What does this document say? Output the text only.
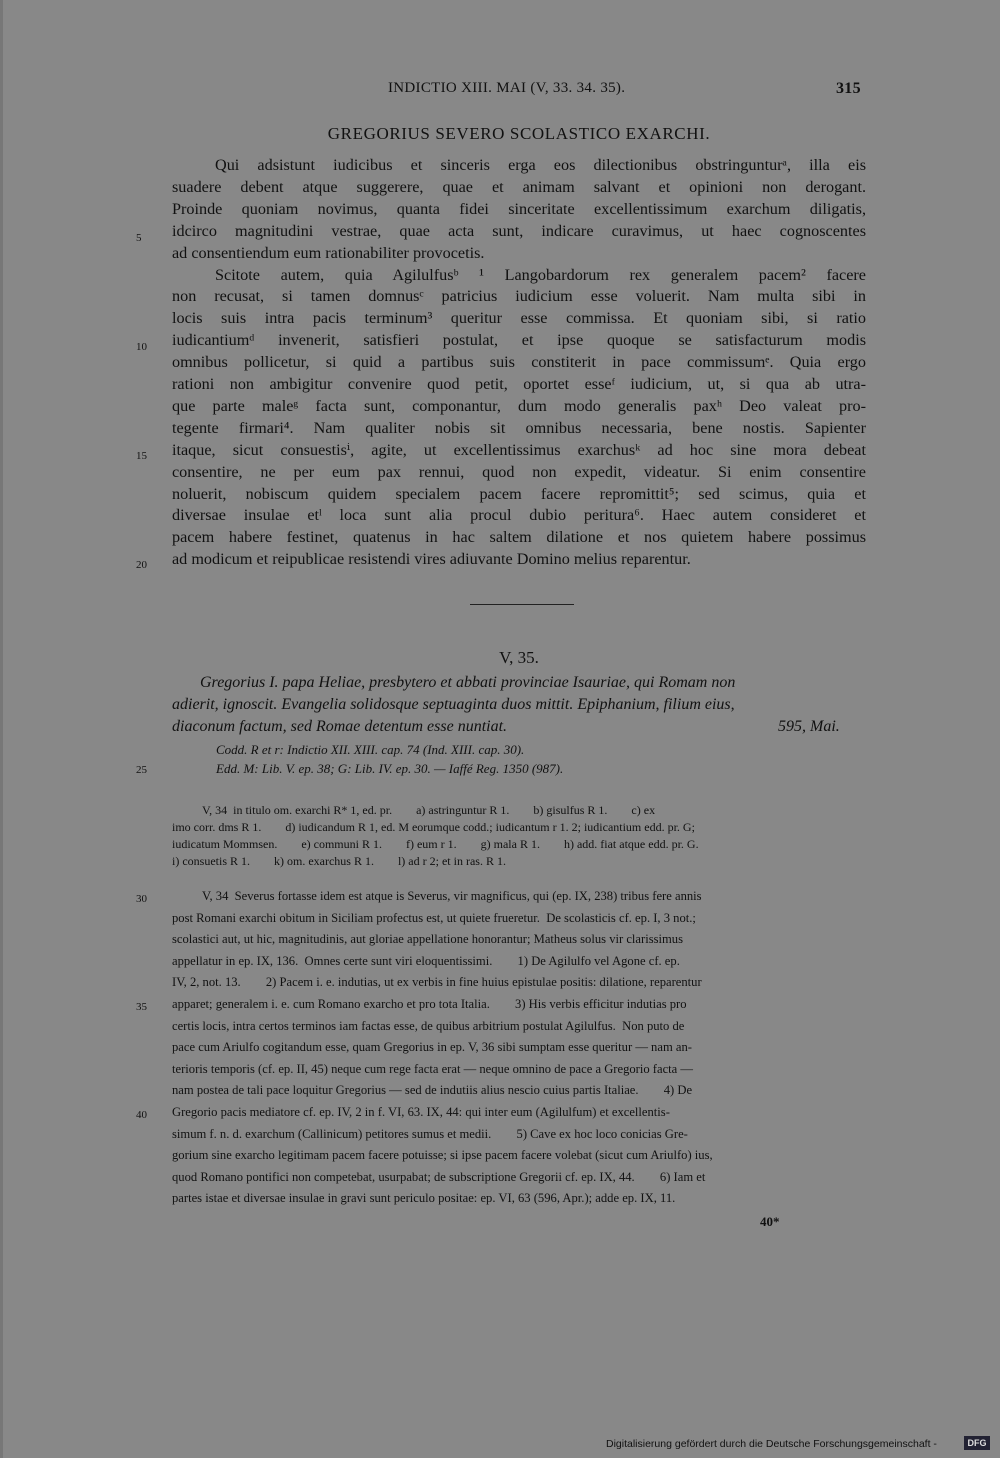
INDICTIO XIII. MAI (V, 33. 34. 35).	315
GREGORIUS SEVERO SCOLASTICO EXARCHI.
Qui adsistunt iudicibus et sinceris erga eos dilectionibus obstringunturᵃ, illa eis
suadere debent atque suggerere, quae et animam salvant et opinioni non derogant.
Proinde quoniam novimus, quanta fidei sinceritate excellentissimum exarchum diligatis,
idcirco magnitudini vestrae, quae acta sunt, indicare curavimus, ut haec cognoscentes
ad consentiendum eum rationabiliter provocetis.
Scitote autem, quia Agilulfusᵇ ¹ Langobardorum rex generalem pacem² facere
non recusat, si tamen domnusᶜ patricius iudicium esse voluerit. Nam multa sibi in
locis suis intra pacis terminum³ queritur esse commissa. Et quoniam sibi, si ratio
iudicantiumᵈ invenerit, satisfieri postulat, et ipse quoque se satisfacturum modis
omnibus pollicetur, si quid a partibus suis constiterit in pace commissumᵉ. Quia ergo
rationi non ambigitur convenire quod petit, oportet esseᶠ iudicium, ut, si qua ab utra-
que parte maleᵍ facta sunt, componantur, dum modo generalis paxʰ Deo valeat pro-
tegente firmari⁴. Nam qualiter nobis sit omnibus necessaria, bene nostis. Sapienter
itaque, sicut consuestisⁱ, agite, ut excellentissimus exarchusᵏ ad hoc sine mora debeat
consentire, ne per eum pax rennui, quod non expedit, videatur. Si enim consentire
noluerit, nobiscum quidem specialem pacem facere repromittit⁵; sed scimus, quia et
diversae insulae etˡ loca sunt alia procul dubio peritura⁶. Haec autem consideret et
pacem habere festinet, quatenus in hac saltem dilatione et nos quietem habere possimus
ad modicum et reipublicae resistendi vires adiuvante Domino melius reparentur.
5
10
15
20
V, 35.
Gregorius I. papa Heliae, presbytero et abbati provinciae Isauriae, qui Romam non
adierit, ignoscit. Evangelia solidosque septuaginta duos mittit. Epiphanium, filium eius,
diaconum factum, sed Romae detentum esse nuntiat.	595, Mai.
Codd. R et r: Indictio XII. XIII. cap. 74 (Ind. XIII. cap. 30).
Edd. M: Lib. V. ep. 38; G: Lib. IV. ep. 30. — Iaffé Reg. 1350 (987).
25
V, 34  in titulo om. exarchi R* 1, ed. pr.        a) astringuntur R 1.        b) gisulfus R 1.        c) ex
imo corr. dms R 1.        d) iudicandum R 1, ed. M eorumque codd.; iudicantum r 1. 2; iudicantium edd. pr. G;
iudicatum Mommsen.        e) communi R 1.        f) eum r 1.        g) mala R 1.        h) add. fiat atque edd. pr. G.
i) consuetis R 1.        k) om. exarchus R 1.        l) ad r 2; et in ras. R 1.
V, 34  Severus fortasse idem est atque is Severus, vir magnificus, qui (ep. IX, 238) tribus fere annis
post Romani exarchi obitum in Siciliam profectus est, ut quiete frueretur.  De scolasticis cf. ep. I, 3 not.;
scolastici aut, ut hic, magnitudinis, aut gloriae appellatione honorantur; Matheus solus vir clarissimus
appellatur in ep. IX, 136.  Omnes certe sunt viri eloquentissimi.        1) De Agilulfo vel Agone cf. ep.
IV, 2, not. 13.        2) Pacem i. e. indutias, ut ex verbis in fine huius epistulae positis: dilatione, reparentur
apparet; generalem i. e. cum Romano exarcho et pro tota Italia.        3) His verbis efficitur indutias pro
certis locis, intra certos terminos iam factas esse, de quibus arbitrium postulat Agilulfus.  Non puto de
pace cum Ariulfo cogitandum esse, quam Gregorius in ep. V, 36 sibi sumptam esse queritur — nam an-
terioris temporis (cf. ep. II, 45) neque cum rege facta erat — neque omnino de pace a Gregorio facta —
nam postea de tali pace loquitur Gregorius — sed de indutiis alius nescio cuius partis Italiae.        4) De
Gregorio pacis mediatore cf. ep. IV, 2 in f. VI, 63. IX, 44: qui inter eum (Agilulfum) et excellentis-
simum f. n. d. exarchum (Callinicum) petitores sumus et medii.        5) Cave ex hoc loco conicias Gre-
gorium sine exarcho legitimam pacem facere potuisse; si ipse pacem facere volebat (sicut cum Ariulfo) ius,
quod Romano pontifici non competebat, usurpabat; de subscriptione Gregorii cf. ep. IX, 44.        6) Iam et
partes istae et diversae insulae in gravi sunt periculo positae: ep. VI, 63 (596, Apr.); adde ep. IX, 11.
30
35
40
40*
Digitalisierung gefördert durch die Deutsche Forschungsgemeinschaft -	DFG
